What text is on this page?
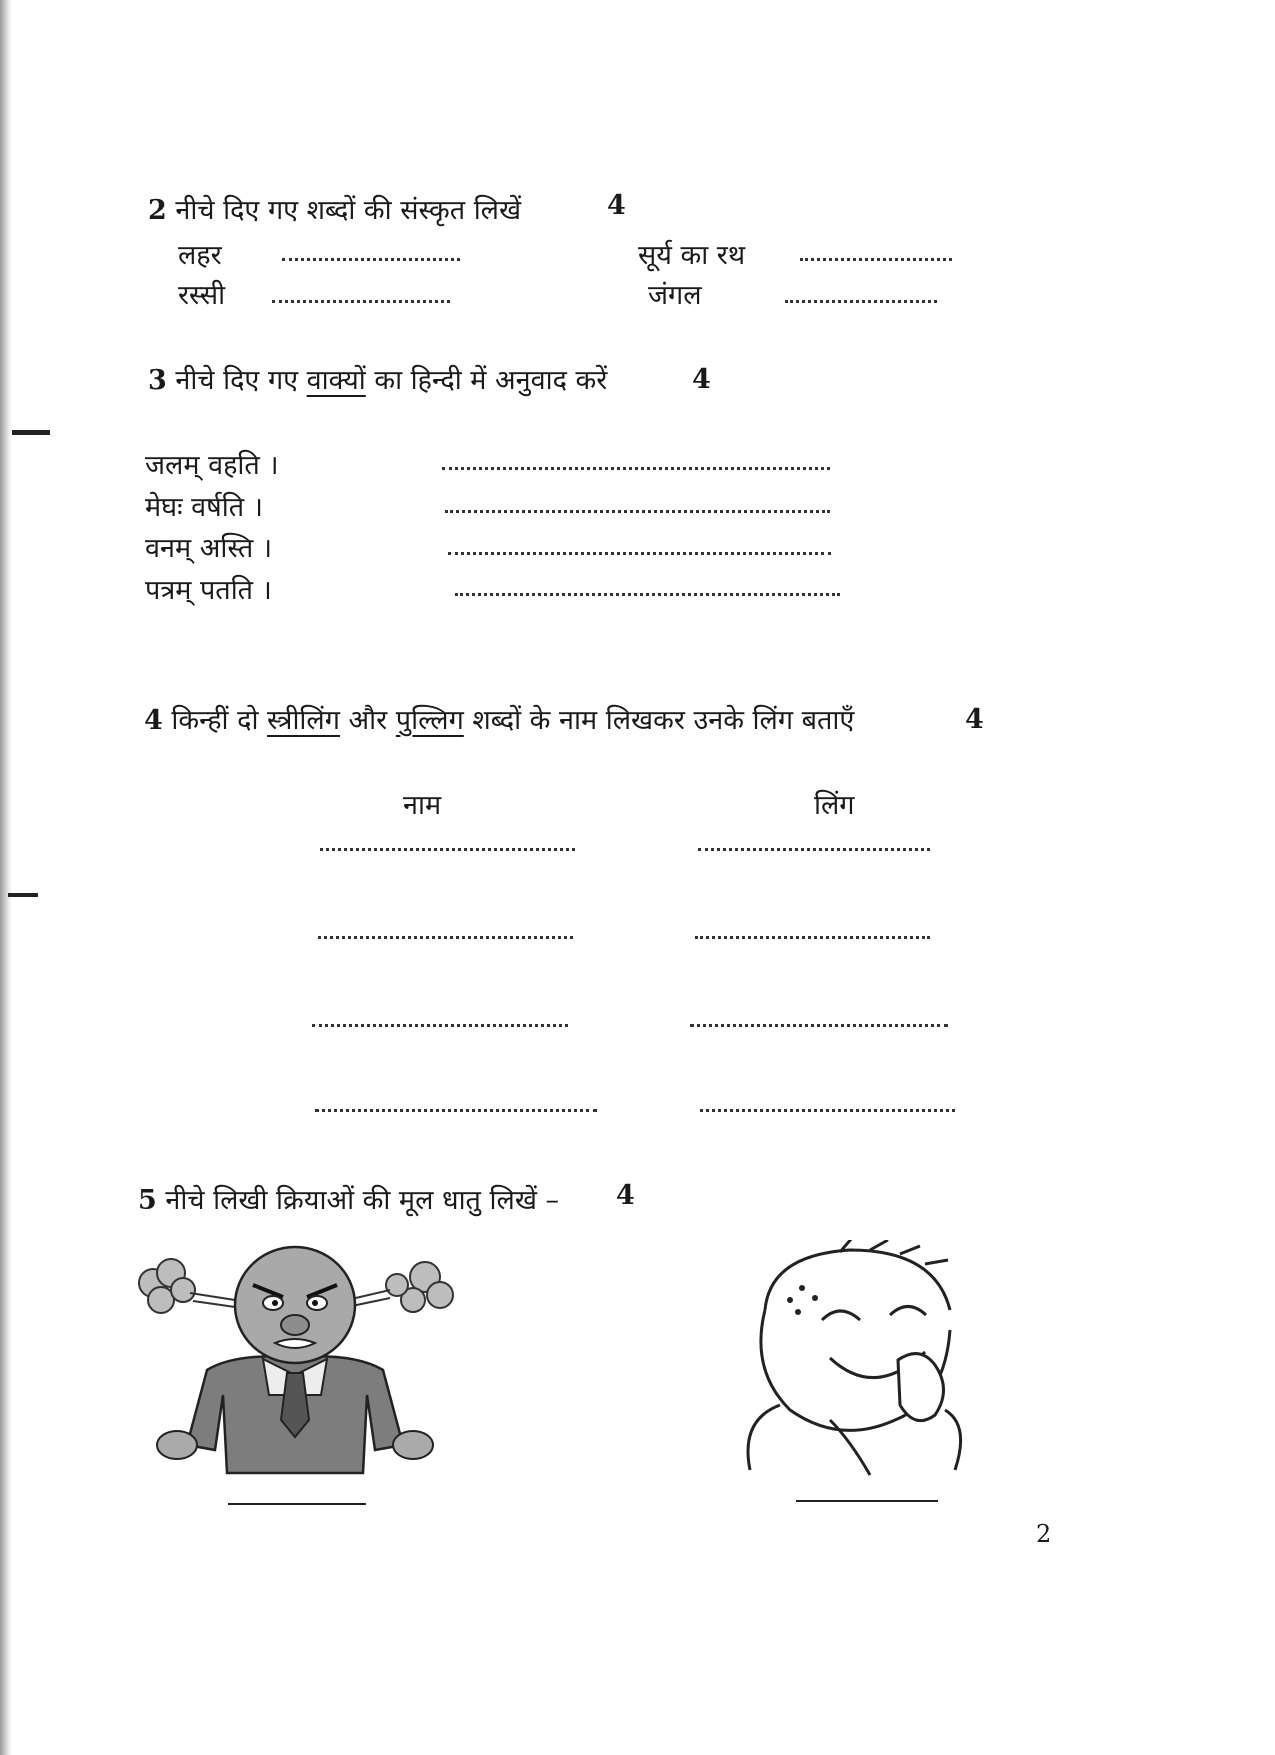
2 नीचे दिए गए शब्दों की संस्कृत लिखें	4
लहर	सूर्य का रथ
रस्सी	जंगल
3 नीचे दिए गए वाक्यों का हिन्दी में अनुवाद करें	4
जलम् वहति ।
मेघः वर्षति ।
वनम् अस्ति ।
पत्रम् पतति ।
4 किन्हीं दो स्त्रीलिंग और पुल्लिग शब्दों के नाम लिखकर उनके लिंग बताएँ	4
नाम	लिंग
5 नीचे लिखी क्रियाओं की मूल धातु लिखें – 4
2
